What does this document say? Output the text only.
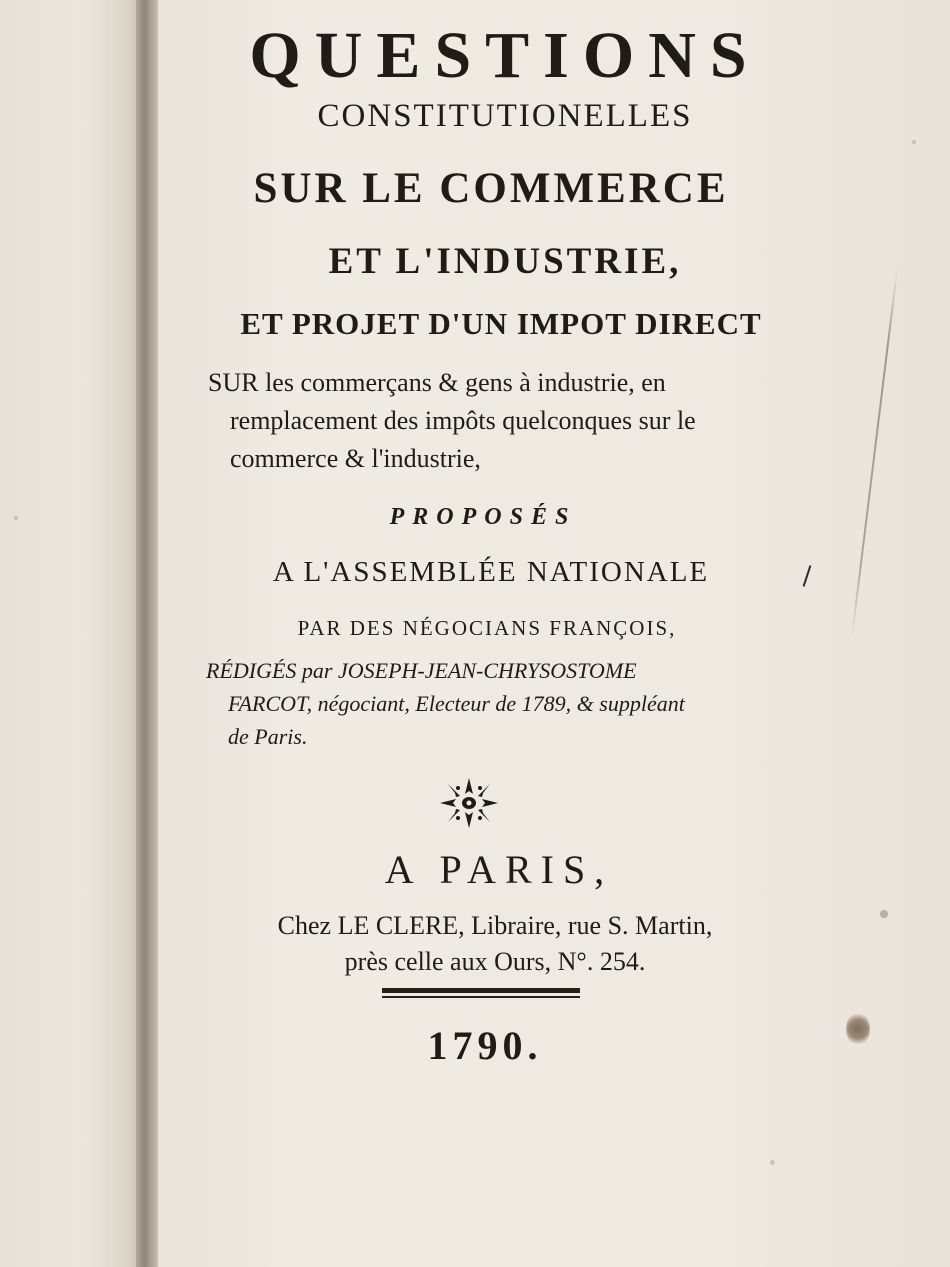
QUESTIONS
CONSTITUTIONELLES
SUR LE COMMERCE
ET L'INDUSTRIE,
ET PROJET D'UN IMPOT DIRECT
SUR les commerçans & gens à industrie, en
remplacement des impôts quelconques sur le
commerce & l'industrie,
PROPOSÉS
A L'ASSEMBLÉE NATIONALE
PAR DES NÉGOCIANS FRANÇOIS,
RÉDIGÉS par JOSEPH-JEAN-CHRYSOSTOME
FARCOT, négociant, Electeur de 1789, & suppléant
de Paris.
A PARIS,
Chez LE CLERE, Libraire, rue S. Martin,
près celle aux Ours, N°. 254.
1790.
